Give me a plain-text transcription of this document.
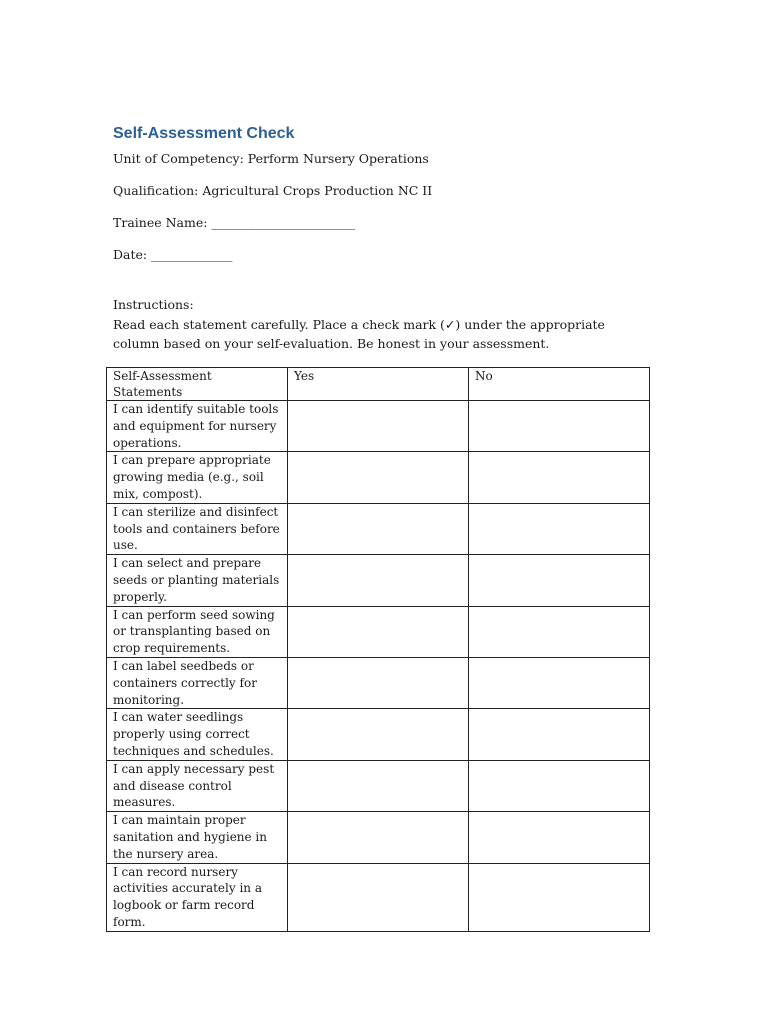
Self-Assessment Check

Unit of Competency: Perform Nursery Operations

Qualification: Agricultural Crops Production NC II

Trainee Name: _______________________

Date: _____________

Instructions:

Read each statement carefully. Place a check mark (✓) under the appropriate column based on your self-evaluation. Be honest in your assessment.

Self-Assessment Statements	Yes	No
I can identify suitable tools and equipment for nursery operations.		
I can prepare appropriate growing media (e.g., soil mix, compost).		
I can sterilize and disinfect tools and containers before use.		
I can select and prepare seeds or planting materials properly.		
I can perform seed sowing or transplanting based on crop requirements.		
I can label seedbeds or containers correctly for monitoring.		
I can water seedlings properly using correct techniques and schedules.		
I can apply necessary pest and disease control measures.		
I can maintain proper sanitation and hygiene in the nursery area.		
I can record nursery activities accurately in a logbook or farm record form.		
